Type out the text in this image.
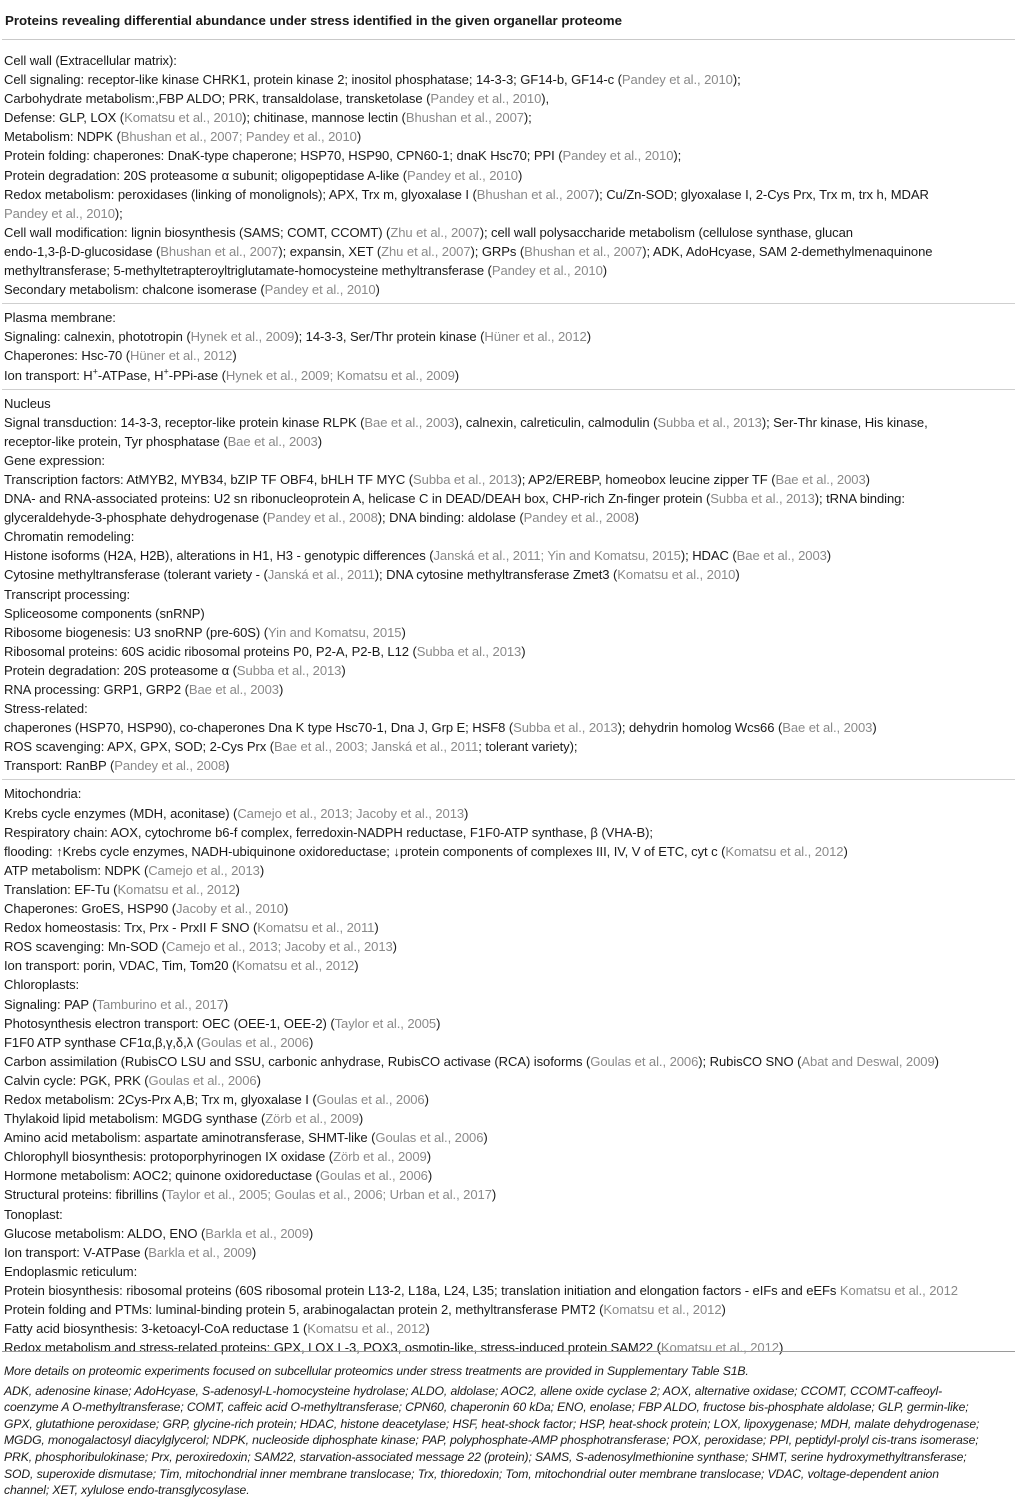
Proteins revealing differential abundance under stress identified in the given organellar proteome
Cell wall (Extracellular matrix):
Cell signaling: receptor-like kinase CHRK1, protein kinase 2; inositol phosphatase; 14-3-3; GF14-b, GF14-c (Pandey et al., 2010);
Carbohydrate metabolism:,FBP ALDO; PRK, transaldolase, transketolase (Pandey et al., 2010),
Defense: GLP, LOX (Komatsu et al., 2010); chitinase, mannose lectin (Bhushan et al., 2007);
Metabolism: NDPK (Bhushan et al., 2007; Pandey et al., 2010)
Protein folding: chaperones: DnaK-type chaperone; HSP70, HSP90, CPN60-1; dnaK Hsc70; PPI (Pandey et al., 2010);
Protein degradation: 20S proteasome α subunit; oligopeptidase A-like (Pandey et al., 2010)
Redox metabolism: peroxidases (linking of monolignols); APX, Trx m, glyoxalase I (Bhushan et al., 2007); Cu/Zn-SOD; glyoxalase I, 2-Cys Prx, Trx m, trx h, MDAR
Pandey et al., 2010);
Cell wall modification: lignin biosynthesis (SAMS; COMT, CCOMT) (Zhu et al., 2007); cell wall polysaccharide metabolism (cellulose synthase, glucan
endo-1,3-β-D-glucosidase (Bhushan et al., 2007); expansin, XET (Zhu et al., 2007); GRPs (Bhushan et al., 2007); ADK, AdoHcyase, SAM 2-demethylmenaquinone
methyltransferase; 5-methyltetrapteroyltriglutamate-homocysteine methyltransferase (Pandey et al., 2010)
Secondary metabolism: chalcone isomerase (Pandey et al., 2010)
Plasma membrane:
Signaling: calnexin, phototropin (Hynek et al., 2009); 14-3-3, Ser/Thr protein kinase (Hüner et al., 2012)
Chaperones: Hsc-70 (Hüner et al., 2012)
Ion transport: H+-ATPase, H+-PPi-ase (Hynek et al., 2009; Komatsu et al., 2009)
Nucleus
Signal transduction: 14-3-3, receptor-like protein kinase RLPK (Bae et al., 2003), calnexin, calreticulin, calmodulin (Subba et al., 2013); Ser-Thr kinase, His kinase,
receptor-like protein, Tyr phosphatase (Bae et al., 2003)
Gene expression:
Transcription factors: AtMYB2, MYB34, bZIP TF OBF4, bHLH TF MYC (Subba et al., 2013); AP2/EREBP, homeobox leucine zipper TF (Bae et al., 2003)
DNA- and RNA-associated proteins: U2 sn ribonucleoprotein A, helicase C in DEAD/DEAH box, CHP-rich Zn-finger protein (Subba et al., 2013); tRNA binding:
glyceraldehyde-3-phosphate dehydrogenase (Pandey et al., 2008); DNA binding: aldolase (Pandey et al., 2008)
Chromatin remodeling:
Histone isoforms (H2A, H2B), alterations in H1, H3 - genotypic differences (Janská et al., 2011; Yin and Komatsu, 2015); HDAC (Bae et al., 2003)
Cytosine methyltransferase (tolerant variety - (Janská et al., 2011); DNA cytosine methyltransferase Zmet3 (Komatsu et al., 2010)
Transcript processing:
Spliceosome components (snRNP)
Ribosome biogenesis: U3 snoRNP (pre-60S) (Yin and Komatsu, 2015)
Ribosomal proteins: 60S acidic ribosomal proteins P0, P2-A, P2-B, L12 (Subba et al., 2013)
Protein degradation: 20S proteasome α (Subba et al., 2013)
RNA processing: GRP1, GRP2 (Bae et al., 2003)
Stress-related:
chaperones (HSP70, HSP90), co-chaperones Dna K type Hsc70-1, Dna J, Grp E; HSF8 (Subba et al., 2013); dehydrin homolog Wcs66 (Bae et al., 2003)
ROS scavenging: APX, GPX, SOD; 2-Cys Prx (Bae et al., 2003; Janská et al., 2011; tolerant variety);
Transport: RanBP (Pandey et al., 2008)
Mitochondria:
Krebs cycle enzymes (MDH, aconitase) (Camejo et al., 2013; Jacoby et al., 2013)
Respiratory chain: AOX, cytochrome b6-f complex, ferredoxin-NADPH reductase, F1F0-ATP synthase, β (VHA-B);
flooding: ↑Krebs cycle enzymes, NADH-ubiquinone oxidoreductase; ↓protein components of complexes III, IV, V of ETC, cyt c (Komatsu et al., 2012)
ATP metabolism: NDPK (Camejo et al., 2013)
Translation: EF-Tu (Komatsu et al., 2012)
Chaperones: GroES, HSP90 (Jacoby et al., 2010)
Redox homeostasis: Trx, Prx - PrxII F SNO (Komatsu et al., 2011)
ROS scavenging: Mn-SOD (Camejo et al., 2013; Jacoby et al., 2013)
Ion transport: porin, VDAC, Tim, Tom20 (Komatsu et al., 2012)
Chloroplasts:
Signaling: PAP (Tamburino et al., 2017)
Photosynthesis electron transport: OEC (OEE-1, OEE-2) (Taylor et al., 2005)
F1F0 ATP synthase CF1α,β,γ,δ,λ (Goulas et al., 2006)
Carbon assimilation (RubisCO LSU and SSU, carbonic anhydrase, RubisCO activase (RCA) isoforms (Goulas et al., 2006); RubisCO SNO (Abat and Deswal, 2009)
Calvin cycle: PGK, PRK (Goulas et al., 2006)
Redox metabolism: 2Cys-Prx A,B; Trx m, glyoxalase I (Goulas et al., 2006)
Thylakoid lipid metabolism: MGDG synthase (Zörb et al., 2009)
Amino acid metabolism: aspartate aminotransferase, SHMT-like (Goulas et al., 2006)
Chlorophyll biosynthesis: protoporphyrinogen IX oxidase (Zörb et al., 2009)
Hormone metabolism: AOC2; quinone oxidoreductase (Goulas et al., 2006)
Structural proteins: fibrillins (Taylor et al., 2005; Goulas et al., 2006; Urban et al., 2017)
Tonoplast:
Glucose metabolism: ALDO, ENO (Barkla et al., 2009)
Ion transport: V-ATPase (Barkla et al., 2009)
Endoplasmic reticulum:
Protein biosynthesis: ribosomal proteins (60S ribosomal protein L13-2, L18a, L24, L35; translation initiation and elongation factors - eIFs and eEFs Komatsu et al., 2012
Protein folding and PTMs: luminal-binding protein 5, arabinogalactan protein 2, methyltransferase PMT2 (Komatsu et al., 2012)
Fatty acid biosynthesis: 3-ketoacyl-CoA reductase 1 (Komatsu et al., 2012)
Redox metabolism and stress-related proteins: GPX, LOX L-3, POX3, osmotin-like, stress-induced protein SAM22 (Komatsu et al., 2012)
More details on proteomic experiments focused on subcellular proteomics under stress treatments are provided in Supplementary Table S1B.
ADK, adenosine kinase; AdoHcyase, S-adenosyl-L-homocysteine hydrolase; ALDO, aldolase; AOC2, allene oxide cyclase 2; AOX, alternative oxidase; CCOMT, CCOMT-caffeoyl-
coenzyme A O-methyltransferase; COMT, caffeic acid O-methyltransferase; CPN60, chaperonin 60 kDa; ENO, enolase; FBP ALDO, fructose bis-phosphate aldolase; GLP, germin-like;
GPX, glutathione peroxidase; GRP, glycine-rich protein; HDAC, histone deacetylase; HSF, heat-shock factor; HSP, heat-shock protein; LOX, lipoxygenase; MDH, malate dehydrogenase;
MGDG, monogalactosyl diacylglycerol; NDPK, nucleoside diphosphate kinase; PAP, polyphosphate-AMP phosphotransferase; POX, peroxidase; PPI, peptidyl-prolyl cis-trans isomerase;
PRK, phosphoribulokinase; Prx, peroxiredoxin; SAM22, starvation-associated message 22 (protein); SAMS, S-adenosylmethionine synthase; SHMT, serine hydroxymethyltransferase;
SOD, superoxide dismutase; Tim, mitochondrial inner membrane translocase; Trx, thioredoxin; Tom, mitochondrial outer membrane translocase; VDAC, voltage-dependent anion
channel; XET, xylulose endo-transglycosylase.
